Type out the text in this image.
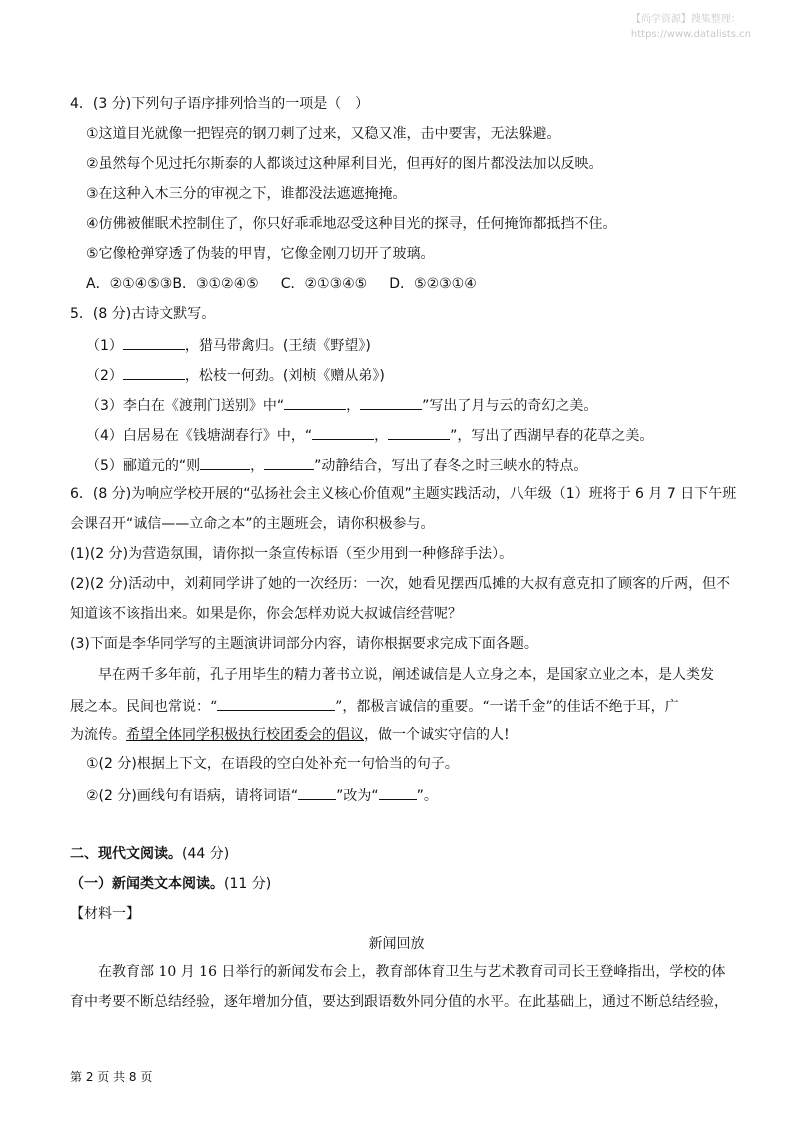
【尚学资源】搜集整理：
https://www.datalists.cn
4．(3 分)下列句子语序排列恰当的一项是（　）
①这道目光就像一把锃亮的钢刀刺了过来，又稳又准，击中要害，无法躲避。
②虽然每个见过托尔斯泰的人都谈过这种犀利目光，但再好的图片都没法加以反映。
③在这种入木三分的审视之下，谁都没法遮遮掩掩。
④仿佛被催眠术控制住了，你只好乖乖地忍受这种目光的探寻，任何掩饰都抵挡不住。
⑤它像枪弹穿透了伪装的甲胄，它像金刚刀切开了玻璃。
A．②①④⑤③B．③①②④⑤ C．②①③④⑤ D．⑤②③①④
5．(8 分)古诗文默写。
（1）	，猎马带禽归。(王绩《野望》)
（2）	，松枝一何劲。(刘桢《赠从弟》)
（3）李白在《渡荆门送别》中“	，	”写出了月与云的奇幻之美。
（4）白居易在《钱塘湖春行》中，“	，	”，写出了西湖早春的花草之美。
（5）郦道元的“则	，	”动静结合，写出了春冬之时三峡水的特点。
6．(8 分)为响应学校开展的“弘扬社会主义核心价值观”主题实践活动，八年级（1）班将于 6 月 7 日下午班
会课召开“诚信——立命之本”的主题班会，请你积极参与。
(1)(2 分)为营造氛围，请你拟一条宣传标语（至少用到一种修辞手法）。
(2)(2 分)活动中，刘莉同学讲了她的一次经历：一次，她看见摆西瓜摊的大叔有意克扣了顾客的斤两，但不
知道该不该指出来。如果是你，你会怎样劝说大叔诚信经营呢？
(3)下面是李华同学写的主题演讲词部分内容，请你根据要求完成下面各题。
早在两千多年前，孔子用毕生的精力著书立说，阐述诚信是人立身之本，是国家立业之本，是人类发
展之本。民间也常说：“	”，都极言诚信的重要。“一诺千金”的佳话不绝于耳，广
为流传。希望全体同学积极执行校团委会的倡议，做一个诚实守信的人!
①(2 分)根据上下文，在语段的空白处补充一句恰当的句子。
②(2 分)画线句有语病，请将词语“	”改为“	”。
二、现代文阅读。(44 分)
（一）新闻类文本阅读。(11 分)
【材料一】
新闻回放
在教育部 10 月 16 日举行的新闻发布会上，教育部体育卫生与艺术教育司司长王登峰指出，学校的体
育中考要不断总结经验，逐年增加分值，要达到跟语数外同分值的水平。在此基础上，通过不断总结经验，
第 2 页 共 8 页
